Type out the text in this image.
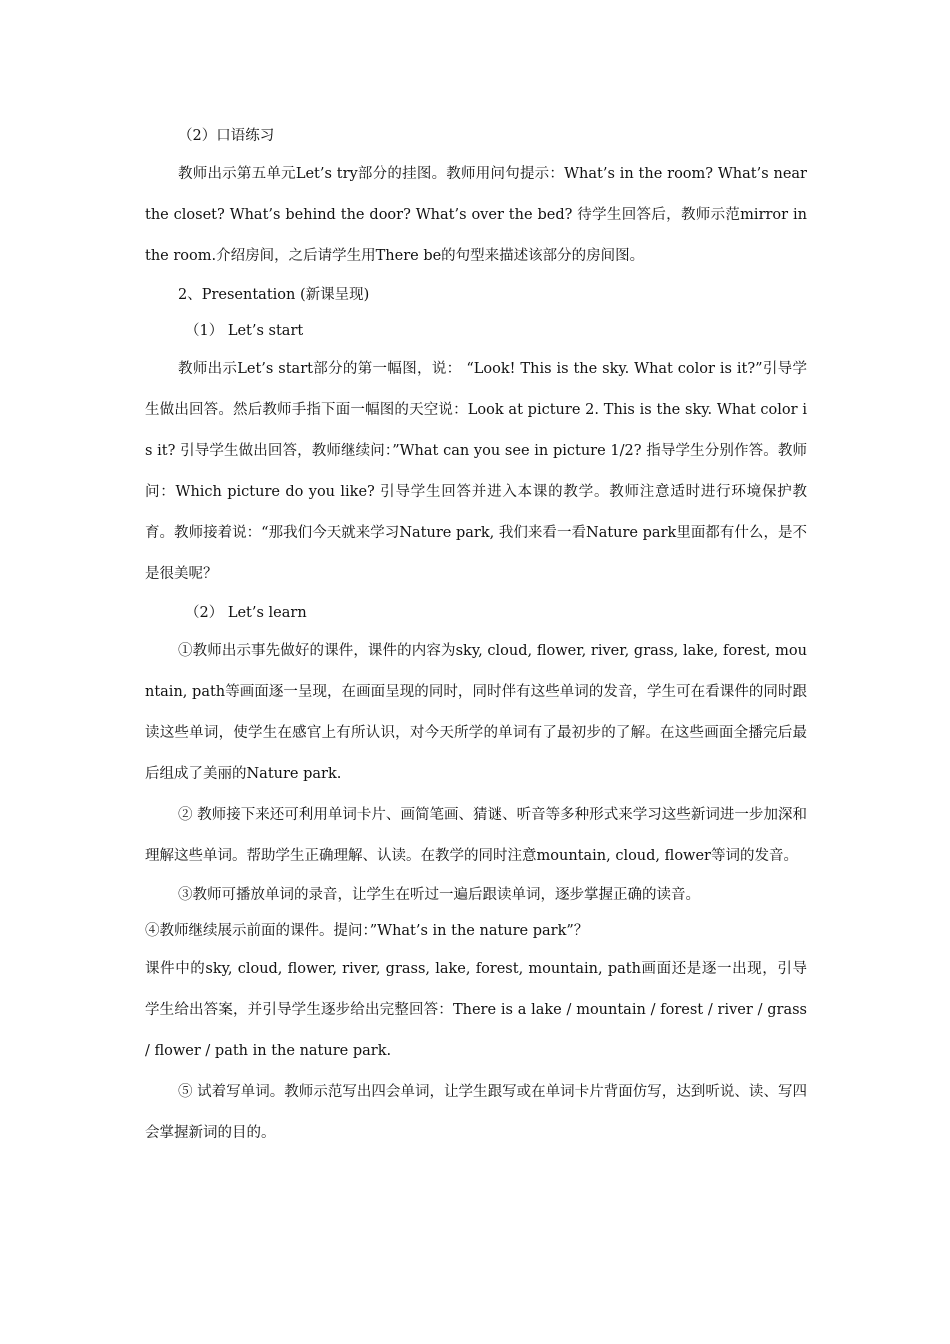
（2）口语练习

教师出示第五单元Let’s try部分的挂图。教师用问句提示：What’s in the room? What’s near the closet? What’s behind the door? What’s over the bed? 待学生回答后，教师示范mirror in the room.介绍房间，之后请学生用There be的句型来描述该部分的房间图。

2、Presentation (新课呈现)

（1） Let’s start

教师出示Let’s start部分的第一幅图，说： “Look! This is the sky. What color is it?”引导学生做出回答。然后教师手指下面一幅图的天空说：Look at picture 2. This is the sky. What color is it? 引导学生做出回答，教师继续问：”What can you see in picture 1/2? 指导学生分别作答。教师问：Which picture do you like? 引导学生回答并进入本课的教学。教师注意适时进行环境保护教育。教师接着说：“那我们今天就来学习Nature park, 我们来看一看Nature park里面都有什么，是不是很美呢？

（2） Let’s learn

①教师出示事先做好的课件，课件的内容为sky, cloud, flower, river, grass, lake, forest, mountain, path等画面逐一呈现，在画面呈现的同时，同时伴有这些单词的发音，学生可在看课件的同时跟读这些单词，使学生在感官上有所认识，对今天所学的单词有了最初步的了解。在这些画面全播完后最后组成了美丽的Nature park.

② 教师接下来还可利用单词卡片、画简笔画、猜谜、听音等多种形式来学习这些新词进一步加深和理解这些单词。帮助学生正确理解、认读。在教学的同时注意mountain, cloud, flower等词的发音。

③教师可播放单词的录音，让学生在听过一遍后跟读单词，逐步掌握正确的读音。

④教师继续展示前面的课件。提问：”What’s in the nature park”？

课件中的sky, cloud, flower, river, grass, lake, forest, mountain, path画面还是逐一出现，引导学生给出答案，并引导学生逐步给出完整回答：There is a lake / mountain / forest / river / grass / flower / path in the nature park.

⑤ 试着写单词。教师示范写出四会单词，让学生跟写或在单词卡片背面仿写，达到听说、读、写四会掌握新词的目的。
